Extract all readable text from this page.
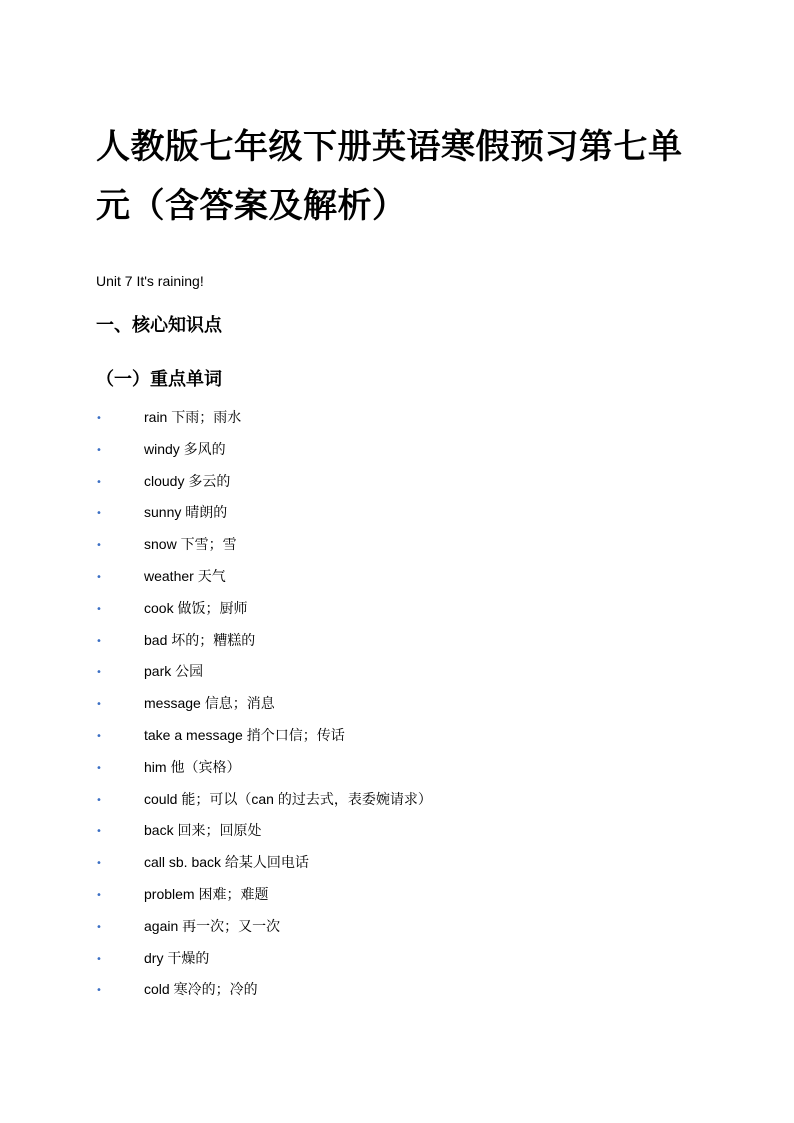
人教版七年级下册英语寒假预习第七单元（含答案及解析）

Unit 7 It's raining!

一、核心知识点
（一）重点单词
•	rain 下雨；雨水
•	windy 多风的
•	cloudy 多云的
•	sunny 晴朗的
•	snow 下雪；雪
•	weather 天气
•	cook 做饭；厨师
•	bad 坏的；糟糕的
•	park 公园
•	message 信息；消息
•	take a message 捎个口信；传话
•	him 他（宾格）
•	could 能；可以（can 的过去式，表委婉请求）
•	back 回来；回原处
•	call sb. back 给某人回电话
•	problem 困难；难题
•	again 再一次；又一次
•	dry 干燥的
•	cold 寒冷的；冷的
